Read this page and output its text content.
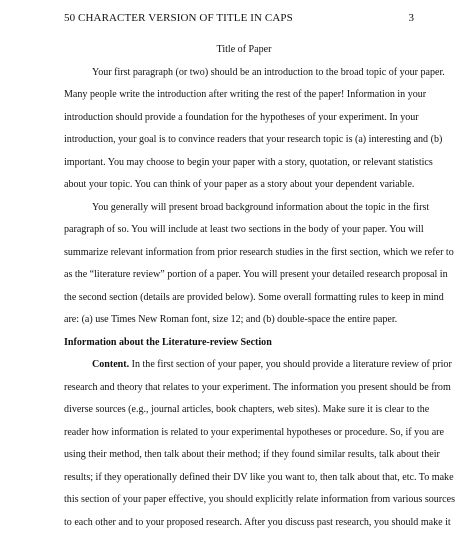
50 CHARACTER VERSION OF TITLE IN CAPS	3
Title of Paper
Your first paragraph (or two) should be an introduction to the broad topic of your paper.
Many people write the introduction after writing the rest of the paper! Information in your
introduction should provide a foundation for the hypotheses of your experiment. In your
introduction, your goal is to convince readers that your research topic is (a) interesting and (b)
important. You may choose to begin your paper with a story, quotation, or relevant statistics
about your topic. You can think of your paper as a story about your dependent variable.
You generally will present broad background information about the topic in the first
paragraph of so. You will include at least two sections in the body of your paper. You will
summarize relevant information from prior research studies in the first section, which we refer to
as the “literature review” portion of a paper. You will present your detailed research proposal in
the second section (details are provided below). Some overall formatting rules to keep in mind
are: (a) use Times New Roman font, size 12; and (b) double-space the entire paper.
Information about the Literature-review Section
Content. In the first section of your paper, you should provide a literature review of prior
research and theory that relates to your experiment. The information you present should be from
diverse sources (e.g., journal articles, book chapters, web sites). Make sure it is clear to the
reader how information is related to your experimental hypotheses or procedure. So, if you are
using their method, then talk about their method; if they found similar results, talk about their
results; if they operationally defined their DV like you want to, then talk about that, etc. To make
this section of your paper effective, you should explicitly relate information from various sources
to each other and to your proposed research. After you discuss past research, you should make it
